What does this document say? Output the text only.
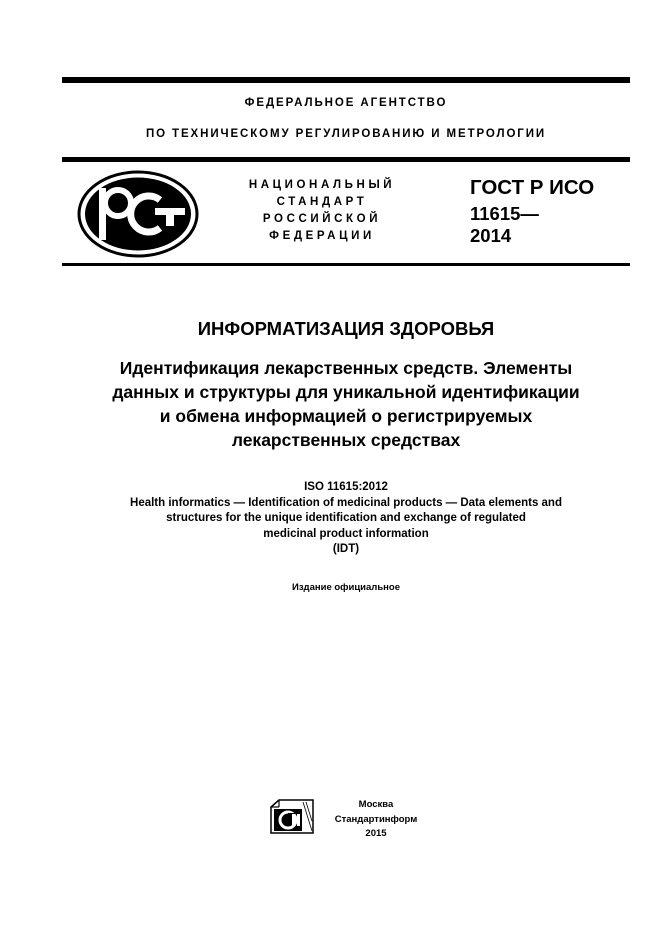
ФЕДЕРАЛЬНОЕ АГЕНТСТВО
ПО ТЕХНИЧЕСКОМУ РЕГУЛИРОВАНИЮ И МЕТРОЛОГИИ
НАЦИОНАЛЬНЫЙ
СТАНДАРТ
РОССИЙСКОЙ
ФЕДЕРАЦИИ
ГОСТ Р ИСО
11615—
2014
ИНФОРМАТИЗАЦИЯ ЗДОРОВЬЯ
Идентификация лекарственных средств. Элементы
данных и структуры для уникальной идентификации
и обмена информацией о регистрируемых
лекарственных средствах
ISO 11615:2012
Health informatics — Identification of medicinal products — Data elements and
structures for the unique identification and exchange of regulated
medicinal product information
(IDT)
Издание официальное
Москва
Стандартинформ
2015
